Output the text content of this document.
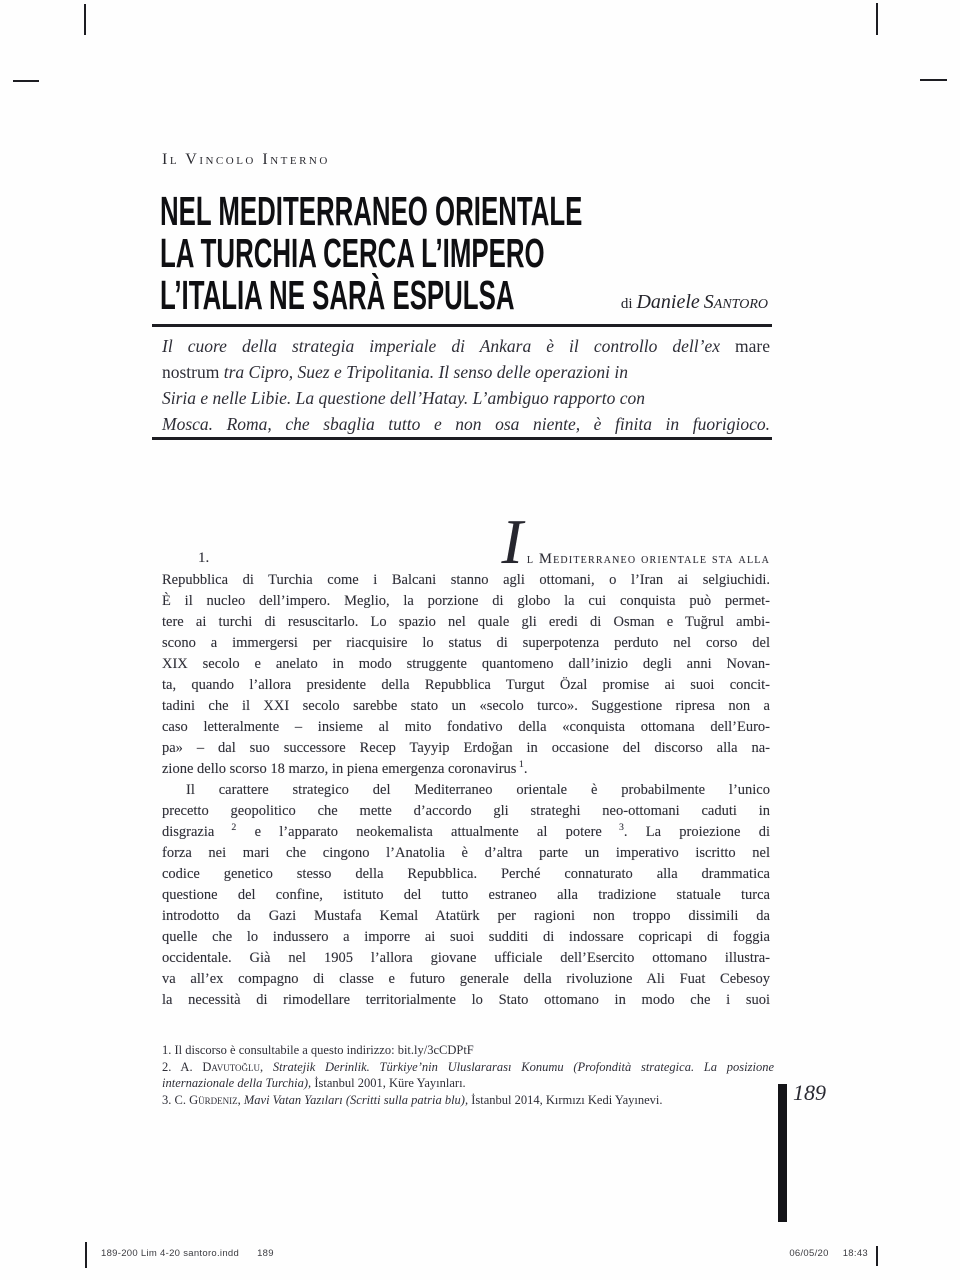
Il Vincolo Interno
NEL MEDITERRANEO ORIENTALE
LA TURCHIA CERCA L’IMPERO
L’ITALIA NE SARÀ ESPULSA	di Daniele Santoro
Il cuore della strategia imperiale di Ankara è il controllo dell’ex mare
nostrum tra Cipro, Suez e Tripolitania. Il senso delle operazioni in
Siria e nelle Libie. La questione dell’Hatay. L’ambiguo rapporto con
Mosca. Roma, che sbaglia tutto e non osa niente, è finita in fuorigioco.
1.	I l Mediterraneo orientale sta alla
Repubblica di Turchia come i Balcani stanno agli ottomani, o l’Iran ai selgiuchidi.
È il nucleo dell’impero. Meglio, la porzione di globo la cui conquista può permet-
tere ai turchi di resuscitarlo. Lo spazio nel quale gli eredi di Osman e Tuğrul ambi-
scono a immergersi per riacquisire lo status di superpotenza perduto nel corso del
XIX secolo e anelato in modo struggente quantomeno dall’inizio degli anni Novan-
ta, quando l’allora presidente della Repubblica Turgut Özal promise ai suoi concit-
tadini che il XXI secolo sarebbe stato un «secolo turco». Suggestione ripresa non a
caso letteralmente – insieme al mito fondativo della «conquista ottomana dell’Euro-
pa» – dal suo successore Recep Tayyip Erdoğan in occasione del discorso alla na-
zione dello scorso 18 marzo, in piena emergenza coronavirus $^1$.
Il carattere strategico del Mediterraneo orientale è probabilmente l’unico
precetto geopolitico che mette d’accordo gli strateghi neo-ottomani caduti in
disgrazia $^2$ e l’apparato neokemalista attualmente al potere $^3$. La proiezione di
forza nei mari che cingono l’Anatolia è d’altra parte un imperativo iscritto nel
codice genetico stesso della Repubblica. Perché connaturato alla drammatica
questione del confine, istituto del tutto estraneo alla tradizione statuale turca
introdotto da Gazi Mustafa Kemal Atatürk per ragioni non troppo dissimili da
quelle che lo indussero a imporre ai suoi sudditi di indossare copricapi di foggia
occidentale. Già nel 1905 l’allora giovane ufficiale dell’Esercito ottomano illustra-
va all’ex compagno di classe e futuro generale della rivoluzione Ali Fuat Cebesoy
la necessità di rimodellare territorialmente lo Stato ottomano in modo che i suoi
1. Il discorso è consultabile a questo indirizzo: bit.ly/3cCDPtF
2. A. Davutoğlu, Stratejik Derinlik. Türkiye’nin Uluslararası Konumu (Profondità strategica. La posizione internazionale della Turchia), İstanbul 2001, Küre Yayınları.
3. C. Gürdeniz, Mavi Vatan Yazıları (Scritti sulla patria blu), İstanbul 2014, Kırmızı Kedi Yayınevi.	189
189-200 Lim 4-20 santoro.indd 189	06/05/20 18:43
